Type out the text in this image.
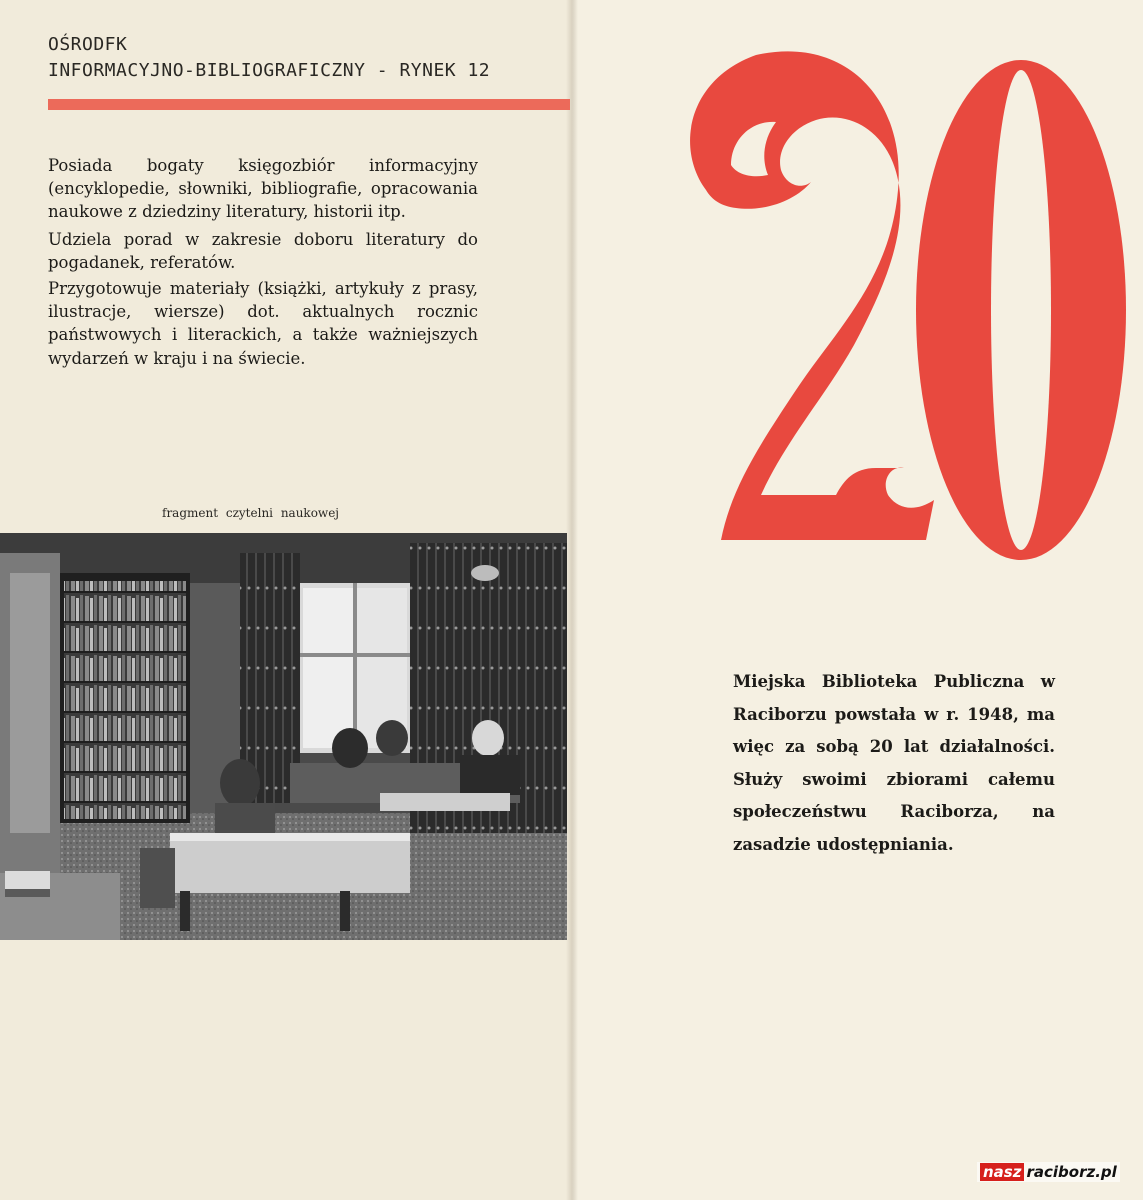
OŚRODFK
INFORMACYJNO-BIBLIOGRAFICZNY - RYNEK 12

Posiada bogaty księgozbiór informacyjny (encyklopedie, słowniki, bibliografie, opracowania naukowe z dziedziny literatury, historii itp.

Udziela porad w zakresie doboru literatury do pogadanek, referatów.

Przygotowuje materiały (książki, artykuły z prasy, ilustracje, wiersze) dot. aktualnych rocznic państwowych i literackich, a także ważniejszych wydarzeń w kraju i na świecie.

fragment czytelni naukowej

Miejska Biblioteka Publiczna w Raciborzu powstała w r. 1948, ma więc za sobą 20 lat działalności. Służy swoimi zbiorami całemu społeczeństwu Raciborza, na zasadzie udostępniania.

nasz raciborz.pl
